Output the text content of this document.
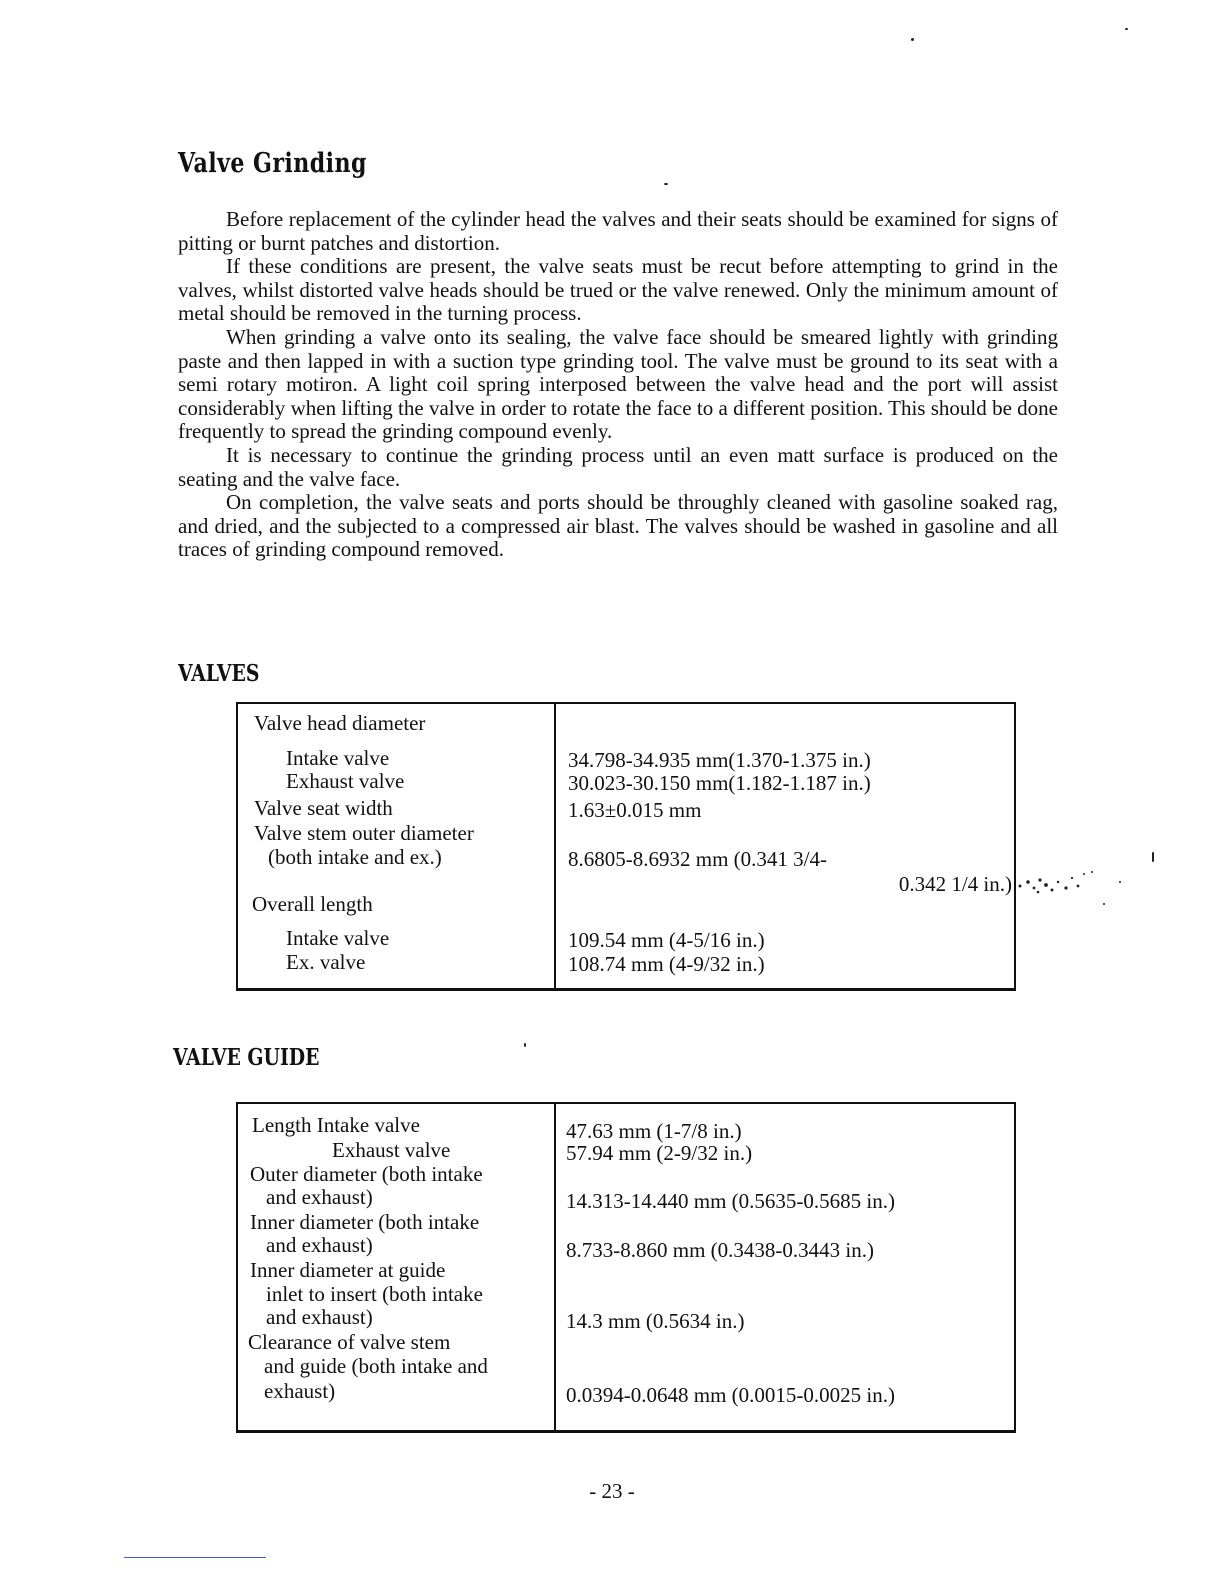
Valve Grinding

Before replacement of the cylinder head the valves and their seats should be examined for signs of pitting or burnt patches and distortion.

If these conditions are present, the valve seats must be recut before attempting to grind in the valves, whilst distorted valve heads should be trued or the valve renewed. Only the minimum amount of metal should be removed in the turning process.

When grinding a valve onto its sealing, the valve face should be smeared lightly with grinding paste and then lapped in with a suction type grinding tool. The valve must be ground to its seat with a semi rotary motiron. A light coil spring interposed between the valve head and the port will assist considerably when lifting the valve in order to rotate the face to a different position. This should be done frequently to spread the grinding compound evenly.

It is necessary to continue the grinding process until an even matt surface is produced on the seating and the valve face.

On completion, the valve seats and ports should be throughly cleaned with gasoline soaked rag, and dried, and the subjected to a compressed air blast. The valves should be washed in gasoline and all traces of grinding compound removed.

VALVES
Valve head diameter
Intake valve
Exhaust valve
Valve seat width
Valve stem outer diameter
(both intake and ex.)
Overall length
Intake valve
Ex. valve
34.798-34.935 mm(1.370-1.375 in.)
30.023-30.150 mm(1.182-1.187 in.)
1.63±0.015 mm
8.6805-8.6932 mm (0.341 3/4-
0.342 1/4 in.)
109.54 mm (4-5/16 in.)
108.74 mm (4-9/32 in.)
VALVE GUIDE
Length Intake valve
Exhaust valve
Outer diameter (both intake
and exhaust)
Inner diameter (both intake
and exhaust)
Inner diameter at guide
inlet to insert (both intake
and exhaust)
Clearance of valve stem
and guide (both intake and
exhaust)
47.63 mm (1-7/8 in.)
57.94 mm (2-9/32 in.)
14.313-14.440 mm (0.5635-0.5685 in.)
8.733-8.860 mm (0.3438-0.3443 in.)
14.3 mm (0.5634 in.)
0.0394-0.0648 mm (0.0015-0.0025 in.)
- 23 -
